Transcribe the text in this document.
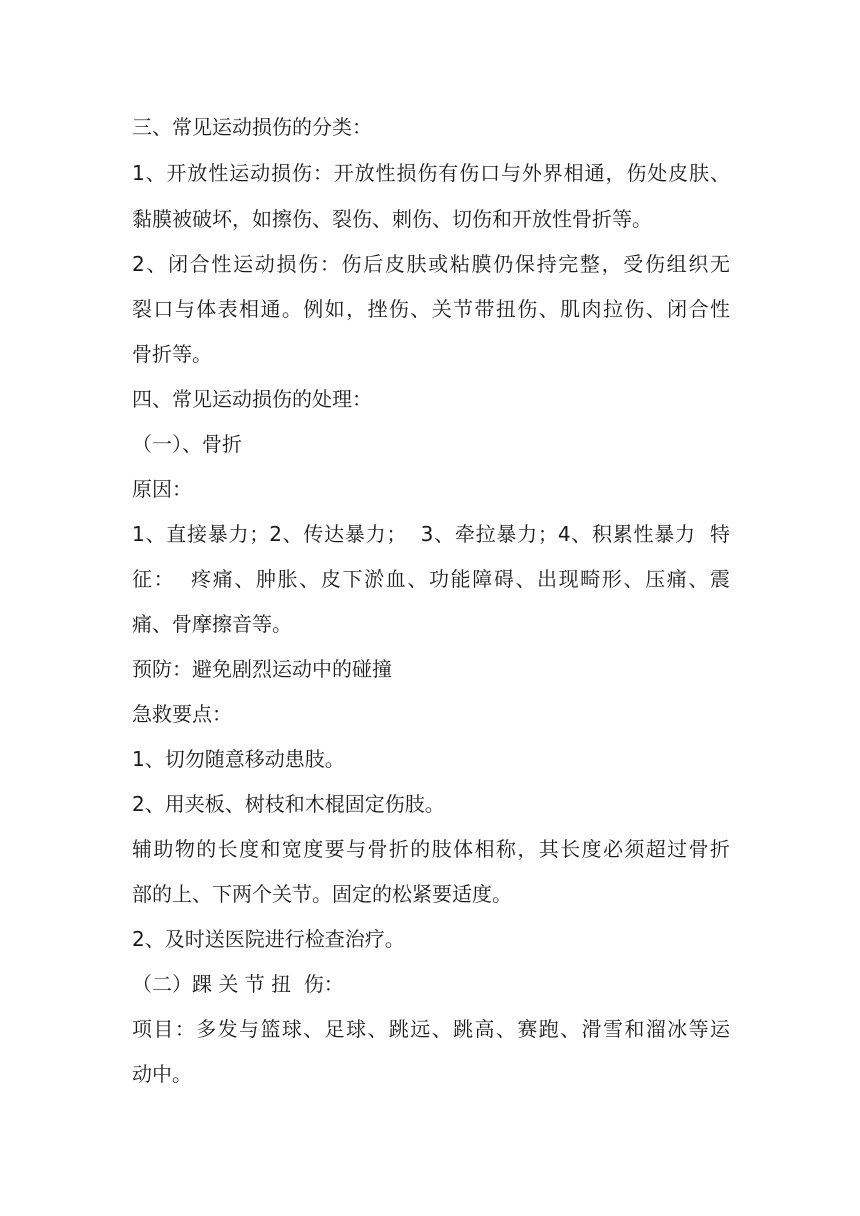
三、常见运动损伤的分类：
1、开放性运动损伤：开放性损伤有伤口与外界相通，伤处皮肤、
黏膜被破坏，如擦伤、裂伤、刺伤、切伤和开放性骨折等。
2、闭合性运动损伤：伤后皮肤或粘膜仍保持完整，受伤组织无
裂口与体表相通。例如，挫伤、关节带扭伤、肌肉拉伤、闭合性
骨折等。
四、常见运动损伤的处理：
（一）、骨折
原因：
1、直接暴力；2、传达暴力；  3、牵拉暴力；4、积累性暴力  特
征：  疼痛、肿胀、皮下淤血、功能障碍、出现畸形、压痛、震
痛、骨摩擦音等。
预防：避免剧烈运动中的碰撞
急救要点：
1、切勿随意移动患肢。
2、用夹板、树枝和木棍固定伤肢。
辅助物的长度和宽度要与骨折的肢体相称，其长度必须超过骨折
部的上、下两个关节。固定的松紧要适度。
2、及时送医院进行检查治疗。
（二）踝 关 节 扭  伤：
项目：多发与篮球、足球、跳远、跳高、赛跑、滑雪和溜冰等运
动中。
